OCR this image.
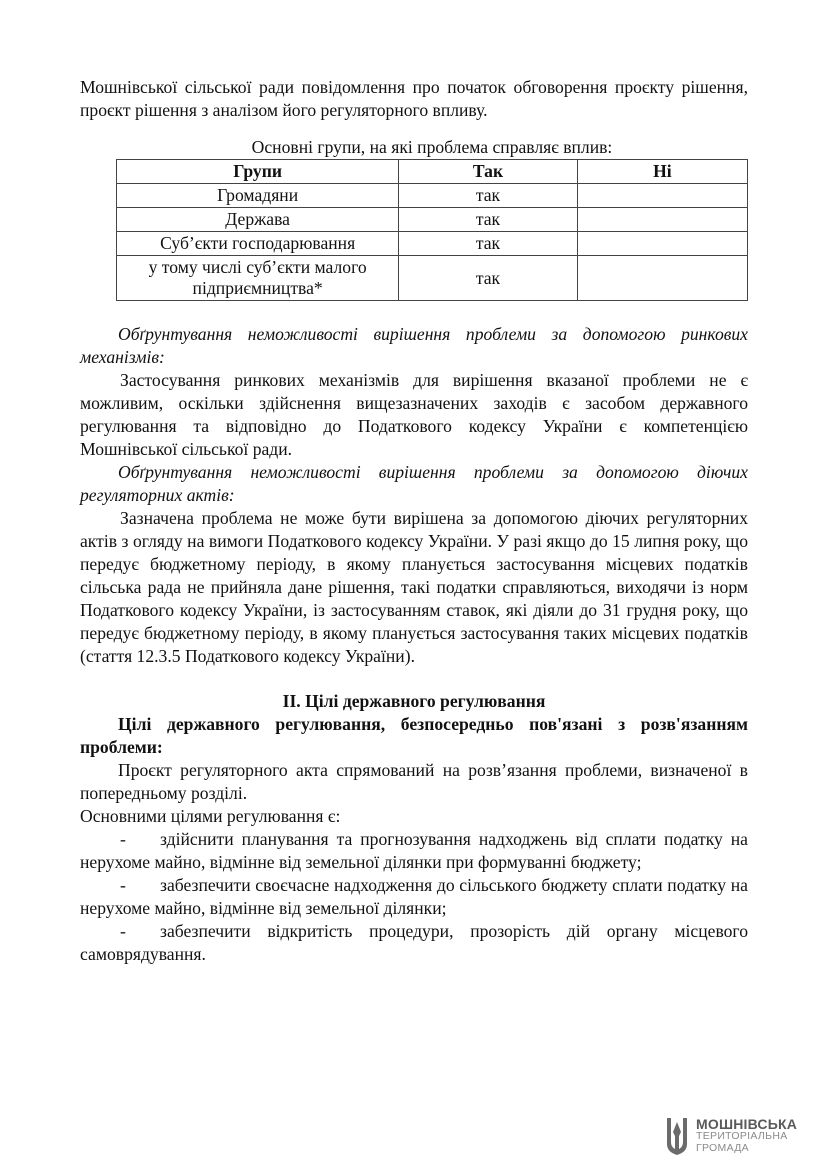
Мошнівської сільської ради повідомлення про початок обговорення проєкту рішення, проєкт рішення з аналізом його регуляторного впливу.

Основні групи, на які проблема справляє вплив:

Групи	Так	Ні
Громадяни	так	
Держава	так	
Суб’єкти господарювання	так	
у тому числі суб’єкти малого підприємництва*	так	

Обґрунтування неможливості вирішення проблеми за допомогою ринкових механізмів:

Застосування ринкових механізмів для вирішення вказаної проблеми не є можливим, оскільки здійснення вищезазначених заходів є засобом державного регулювання та відповідно до Податкового кодексу України є компетенцією Мошнівської сільської ради.

Обґрунтування неможливості вирішення проблеми за допомогою діючих регуляторних актів:

Зазначена проблема не може бути вирішена за допомогою діючих регуляторних актів з огляду на вимоги Податкового кодексу України. У разі якщо до 15 липня року, що передує бюджетному періоду, в якому планується застосування місцевих податків сільська рада не прийняла дане рішення, такі податки справляються, виходячи із норм Податкового кодексу України, із застосуванням ставок, які діяли до 31 грудня року, що передує бюджетному періоду, в якому планується застосування таких місцевих податків (стаття 12.3.5 Податкового кодексу України).

ІІ. Цілі державного регулювання

Цілі державного регулювання, безпосередньо пов'язані з розв'язанням проблеми:

Проєкт регуляторного акта спрямований на розв’язання проблеми, визначеної в попередньому розділі.

Основними цілями регулювання є:

- здійснити планування та прогнозування надходжень від сплати податку на нерухоме майно, відмінне від земельної ділянки при формуванні бюджету;

- забезпечити своєчасне надходження до сільського бюджету сплати податку на нерухоме майно, відмінне від земельної ділянки;

- забезпечити відкритість процедури, прозорість дій органу місцевого самоврядування.

МОШНІВСЬКА
ТЕРИТОРІАЛЬНА
ГРОМАДА
